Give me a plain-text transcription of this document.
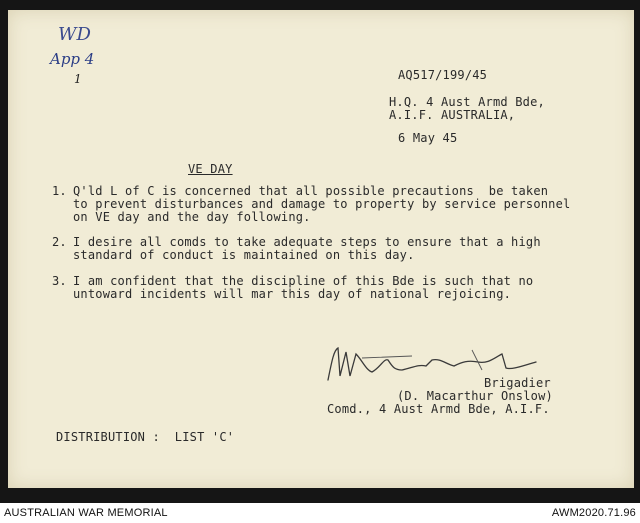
WD
App 4
1	AQ517/199/45
H.Q. 4 Aust Armd Bde,
A.I.F. AUSTRALIA,
6 May 45
VE DAY
1. Q'ld L of C is concerned that all possible precautions  be taken
to prevent disturbances and damage to property by service personnel
on VE day and the day following.
2. I desire all comds to take adequate steps to ensure that a high
standard of conduct is maintained on this day.
3. I am confident that the discipline of this Bde is such that no
untoward incidents will mar this day of national rejoicing.
Brigadier
(D. Macarthur Onslow)
Comd., 4 Aust Armd Bde, A.I.F.
DISTRIBUTION :  LIST 'C'
AUSTRALIAN WAR MEMORIAL	AWM2020.71.96
